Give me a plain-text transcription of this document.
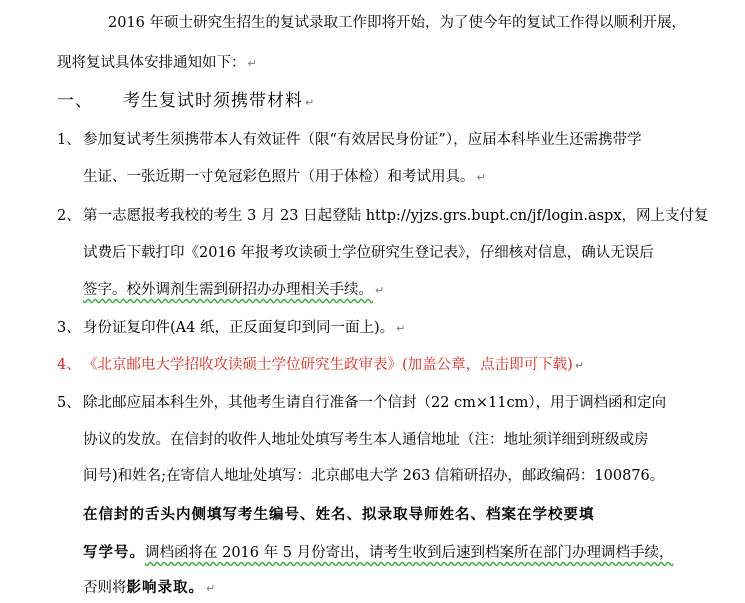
2016 年硕士研究生招生的复试录取工作即将开始，为了使今年的复试工作得以顺利开展，
现将复试具体安排通知如下： ↵
一、 考生复试时须携带材料 ↵
1、 参加复试考生须携带本人有效证件（限“有效居民身份证”），应届本科毕业生还需携带学
生证、一张近期一寸免冠彩色照片（用于体检）和考试用具。 ↵
2、 第一志愿报考我校的考生 3 月 23 日起登陆 http://yjzs.grs.bupt.cn/jf/login.aspx，网上支付复
试费后下载打印《2016 年报考攻读硕士学位研究生登记表》，仔细核对信息，确认无误后
签字。校外调剂生需到研招办办理相关手续。 ↵
3、 身份证复印件(A4 纸，正反面复印到同一面上)。 ↵
4、 《北京邮电大学招收攻读硕士学位研究生政审表》(加盖公章，点击即可下载) ↵
5、 除北邮应届本科生外，其他考生请自行准备一个信封（22 cm×11cm），用于调档函和定向
协议的发放。在信封的收件人地址处填写考生本人通信地址（注：地址须详细到班级或房
间号)和姓名;在寄信人地址处填写：北京邮电大学 263 信箱研招办，邮政编码：100876。
在信封的舌头内侧填写考生编号、姓名、拟录取导师姓名、档案在学校要填
写学号。调档函将在 2016 年 5 月份寄出，请考生收到后速到档案所在部门办理调档手续，
否则将影响录取。 ↵
